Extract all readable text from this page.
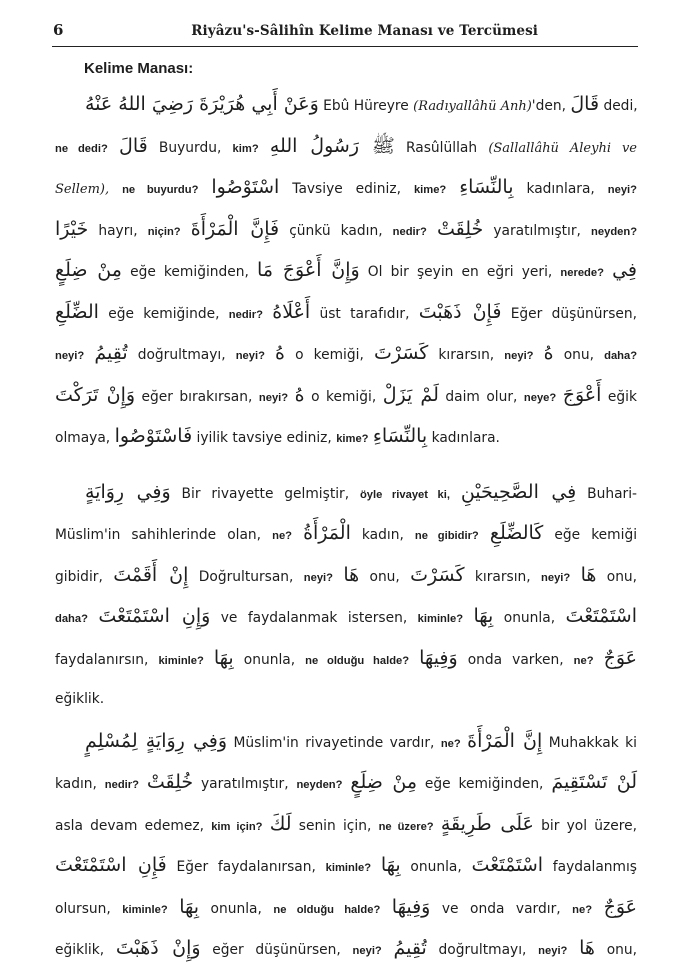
6	Riyâzu's-Sâlihîn Kelime Manası ve Tercümesi
Kelime Manası:
وَعَنْ أَبِي هُرَيْرَةَ رَضِيَ اللهُ عَنْهُ Ebû Hüreyre (Radıyallâhü Anh)'den, قَالَ dedi,
ne dedi? قَالَ Buyurdu, kim? ﷺ رَسُولُ اللهِ Rasûlüllah (Sallallâhü Aleyhi ve
Sellem), ne buyurdu? اسْتَوْصُوا Tavsiye ediniz, kime? بِالنِّسَاءِ kadınlara, neyi?
خَيْرًا hayrı, niçin? فَإِنَّ الْمَرْأَةَ çünkü kadın, nedir? خُلِقَتْ yaratılmıştır, neyden?
مِنْ ضِلَعٍ eğe kemiğinden, وَإِنَّ أَعْوَجَ مَا Ol bir şeyin en eğri yeri, nerede? فِي
الضِّلَعِ eğe kemiğinde, nedir? أَعْلَاهُ üst tarafıdır, فَإِنْ ذَهَبْتَ Eğer düşünürsen,
neyi? تُقِيمُ doğrultmayı, neyi? هُ o kemiği, كَسَرْتَ kırarsın, neyi? هُ onu, daha?
وَإِنْ تَرَكْتَ eğer bırakırsan, neyi? هُ o kemiği, لَمْ يَزَلْ daim olur, neye? أَعْوَجَ eğik
olmaya, فَاسْتَوْصُوا iyilik tavsiye ediniz, kime? بِالنِّسَاءِ kadınlara.
وَفِي رِوَايَةٍ Bir rivayette gelmiştir, öyle rivayet ki, فِي الصَّحِيحَيْنِ Buhari-
Müslim'in sahihlerinde olan, ne? الْمَرْأَةُ kadın, ne gibidir? كَالضِّلَعِ eğe kemiği
gibidir, إِنْ أَقَمْتَ Doğrultursan, neyi? هَا onu, كَسَرْتَ kırarsın, neyi? هَا onu,
daha? وَإِنِ اسْتَمْتَعْتَ ve faydalanmak istersen, kiminle? بِهَا onunla, اسْتَمْتَعْتَ
faydalanırsın, kiminle? بِهَا onunla, ne olduğu halde? وَفِيهَا onda varken, ne? عَوَجٌ
eğiklik.
وَفِي رِوَايَةٍ لِمُسْلِمٍ Müslim'in rivayetinde vardır, ne? إِنَّ الْمَرْأَةَ Muhakkak ki
kadın, nedir? خُلِقَتْ yaratılmıştır, neyden? مِنْ ضِلَعٍ eğe kemiğinden, لَنْ تَسْتَقِيمَ
asla devam edemez, kim için? لَكَ senin için, ne üzere? عَلَى طَرِيقَةٍ bir yol üzere,
فَإِنِ اسْتَمْتَعْتَ Eğer faydalanırsan, kiminle? بِهَا onunla, اسْتَمْتَعْتَ faydalanmış
olursun, kiminle? بِهَا onunla, ne olduğu halde? وَفِيهَا ve onda vardır, ne? عَوَجٌ
eğiklik, وَإِنْ ذَهَبْتَ eğer düşünürsen, neyi? تُقِيمُ doğrultmayı, neyi? هَا onu,
